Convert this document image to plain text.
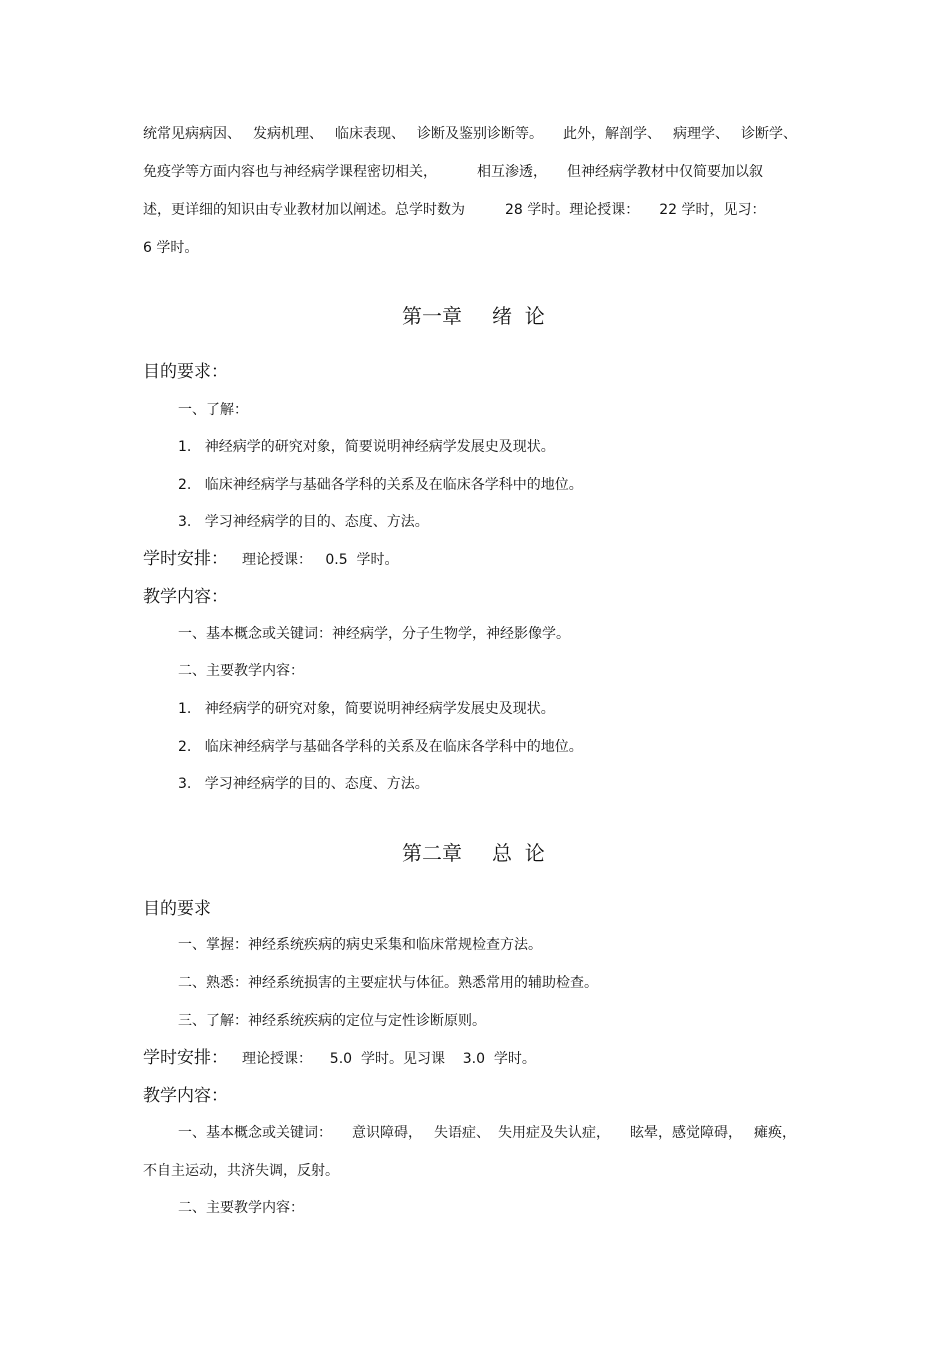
统常见病病因、 发病机理、 临床表现、 诊断及鉴别诊断等。 此外，解剖学、 病理学、 诊断学、
免疫学等方面内容也与神经病学课程密切相关，	相互渗透， 但神经病学教材中仅简要加以叙
述，更详细的知识由专业教材加以阐述。总学时数为	28 学时。理论授课： 22 学时，见习：
6 学时。
第一章 绪  论
目的要求：
一、了解：
1.   神经病学的研究对象，简要说明神经病学发展史及现状。
2.   临床神经病学与基础各学科的关系及在临床各学科中的地位。
3.   学习神经病学的目的、态度、方法。
学时安排： 理论授课：   0.5  学时。
教学内容：
一、基本概念或关键词：神经病学，分子生物学，神经影像学。
二、主要教学内容：
1.   神经病学的研究对象，简要说明神经病学发展史及现状。
2.   临床神经病学与基础各学科的关系及在临床各学科中的地位。
3.   学习神经病学的目的、态度、方法。
第二章 总  论
目的要求
一、掌握：神经系统疾病的病史采集和临床常规检查方法。
二、熟悉：神经系统损害的主要症状与体征。熟悉常用的辅助检查。
三、了解：神经系统疾病的定位与定性诊断原则。
学时安排： 理论授课：    5.0  学时。见习课    3.0  学时。
教学内容：
一、基本概念或关键词： 意识障碍， 失语症、 失用症及失认症， 眩晕，感觉障碍， 瘫痪，
不自主运动，共济失调，反射。
二、主要教学内容：
